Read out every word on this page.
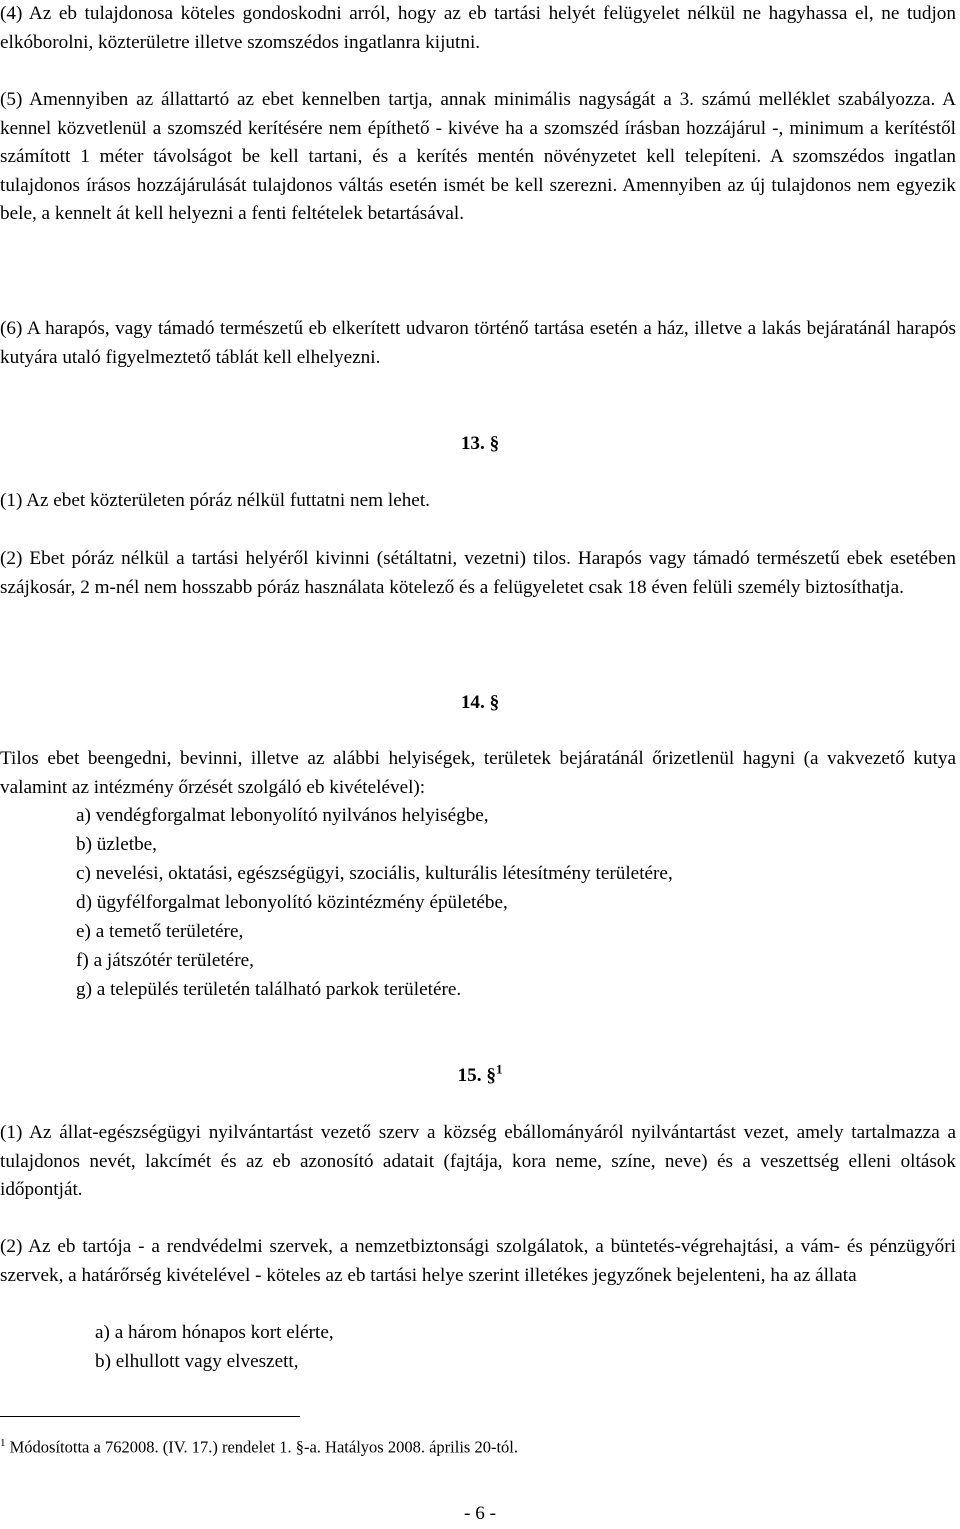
(4) Az eb tulajdonosa köteles gondoskodni arról, hogy az eb tartási helyét felügyelet nélkül ne hagyhassa el, ne tudjon elkóborolni, közterületre illetve szomszédos ingatlanra kijutni.

(5) Amennyiben az állattartó az ebet kennelben tartja, annak minimális nagyságát a 3. számú melléklet szabályozza. A kennel közvetlenül a szomszéd kerítésére nem építhető - kivéve ha a szomszéd írásban hozzájárul -, minimum a kerítéstől számított 1 méter távolságot be kell tartani, és a kerítés mentén növényzetet kell telepíteni. A szomszédos ingatlan tulajdonos írásos hozzájárulását tulajdonos váltás esetén ismét be kell szerezni. Amennyiben az új tulajdonos nem egyezik bele, a kennelt át kell helyezni a fenti feltételek betartásával.

(6) A harapós, vagy támadó természetű eb elkerített udvaron történő tartása esetén a ház, illetve a lakás bejáratánál harapós kutyára utaló figyelmeztető táblát kell elhelyezni.

13. §

(1) Az ebet közterületen póráz nélkül futtatni nem lehet.

(2) Ebet póráz nélkül a tartási helyéről kivinni (sétáltatni, vezetni) tilos. Harapós vagy támadó természetű ebek esetében szájkosár, 2 m-nél nem hosszabb póráz használata kötelező és a felügyeletet csak 18 éven felüli személy biztosíthatja.

14. §

Tilos ebet beengedni, bevinni, illetve az alábbi helyiségek, területek bejáratánál őrizetlenül hagyni (a vakvezető kutya valamint az intézmény őrzését szolgáló eb kivételével):

a) vendégforgalmat lebonyolító nyilvános helyiségbe,

b) üzletbe,

c) nevelési, oktatási, egészségügyi, szociális, kulturális létesítmény területére,

d) ügyfélforgalmat lebonyolító közintézmény épületébe,

e) a temető területére,

f) a játszótér területére,

g) a település területén található parkok területére.

15. §$^1$

(1) Az állat-egészségügyi nyilvántartást vezető szerv a község ebállományáról nyilvántartást vezet, amely tartalmazza a tulajdonos nevét, lakcímét és az eb azonosító adatait (fajtája, kora neme, színe, neve) és a veszettség elleni oltások időpontját.

(2) Az eb tartója - a rendvédelmi szervek, a nemzetbiztonsági szolgálatok, a büntetés-végrehajtási, a vám- és pénzügyőri szervek, a határőrség kivételével - köteles az eb tartási helye szerint illetékes jegyzőnek bejelenteni, ha az állata

a) a három hónapos kort elérte,

b) elhullott vagy elveszett,

$^1$ Módosította a 762008. (IV. 17.) rendelet 1. §-a. Hatályos 2008. április 20-tól.
- 6 -
